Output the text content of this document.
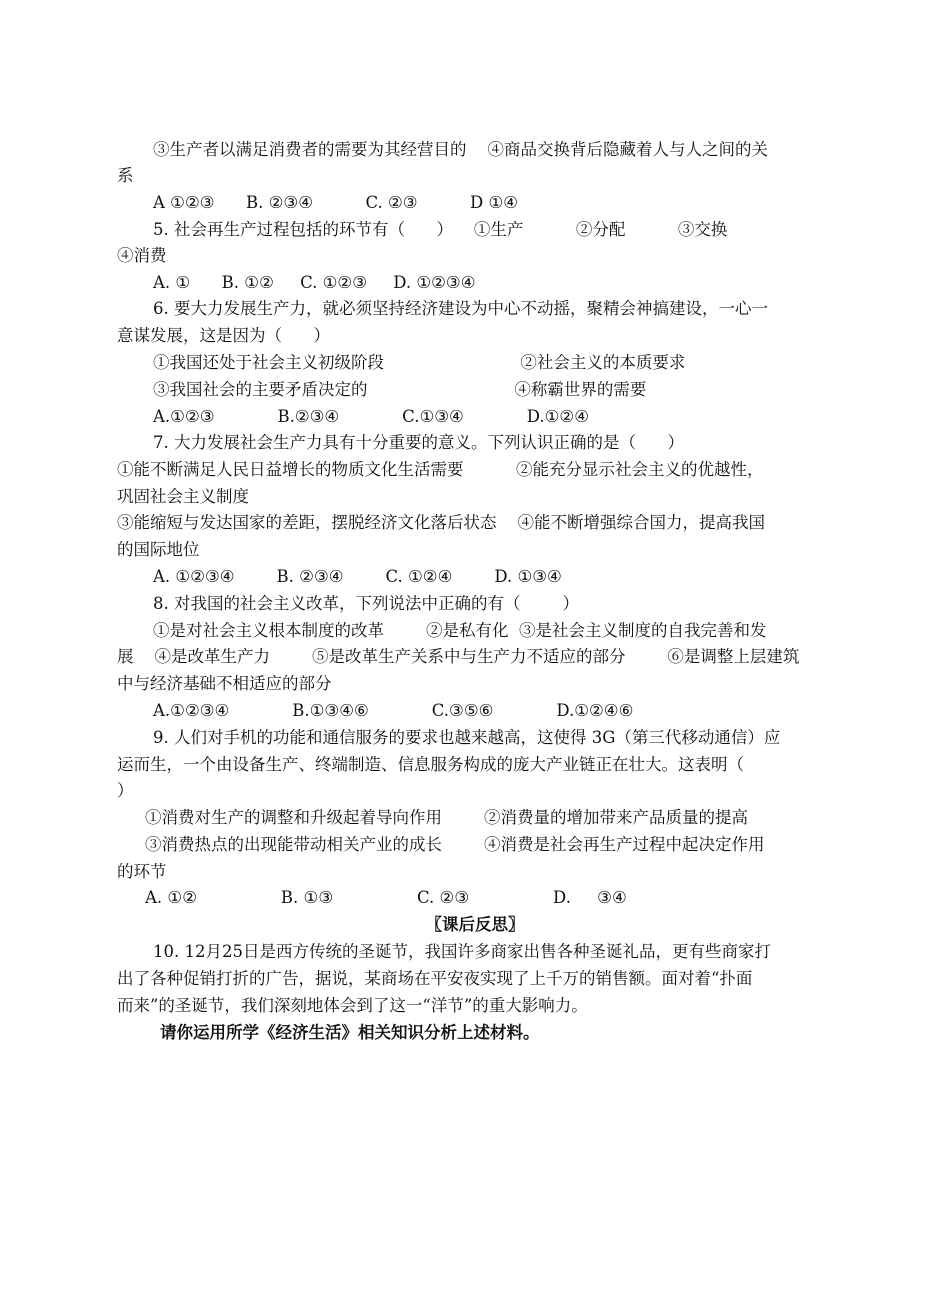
③生产者以满足消费者的需要为其经营目的    ④商品交换背后隐藏着人与人之间的关
系
A ①②③      B. ②③④          C. ②③          D ①④
5. 社会再生产过程包括的环节有（      ）    ①生产          ②分配          ③交换
④消费
A. ①      B. ①②     C. ①②③     D. ①②③④
6. 要大力发展生产力，就必须坚持经济建设为中心不动摇，聚精会神搞建设，一心一
意谋发展，这是因为（      ）
①我国还处于社会主义初级阶段                          ②社会主义的本质要求
③我国社会的主要矛盾决定的                            ④称霸世界的需要
A.①②③            B.②③④            C.①③④            D.①②④
7. 大力发展社会生产力具有十分重要的意义。下列认识正确的是（      ）
①能不断满足人民日益增长的物质文化生活需要          ②能充分显示社会主义的优越性，
巩固社会主义制度
③能缩短与发达国家的差距，摆脱经济文化落后状态    ④能不断增强综合国力，提高我国
的国际地位
A. ①②③④        B. ②③④        C. ①②④        D. ①③④
8. 对我国的社会主义改革，下列说法中正确的有（        ）
①是对社会主义根本制度的改革        ②是私有化  ③是社会主义制度的自我完善和发
展    ④是改革生产力        ⑤是改革生产关系中与生产力不适应的部分        ⑥是调整上层建筑
中与经济基础不相适应的部分
A.①②③④            B.①③④⑥            C.③⑤⑥            D.①②④⑥
9. 人们对手机的功能和通信服务的要求也越来越高，这使得 3G（第三代移动通信）应
运而生，一个由设备生产、终端制造、信息服务构成的庞大产业链正在壮大。这表明（
）
①消费对生产的调整和升级起着导向作用        ②消费量的增加带来产品质量的提高
③消费热点的出现能带动相关产业的成长        ④消费是社会再生产过程中起决定作用
的环节
A. ①②                B. ①③                C. ②③                D.     ③④
〖课后反思〗
10. 12月25日是西方传统的圣诞节，我国许多商家出售各种圣诞礼品，更有些商家打
出了各种促销打折的广告，据说，某商场在平安夜实现了上千万的销售额。面对着“扑面
而来”的圣诞节，我们深刻地体会到了这一“洋节”的重大影响力。
请你运用所学《经济生活》相关知识分析上述材料。
